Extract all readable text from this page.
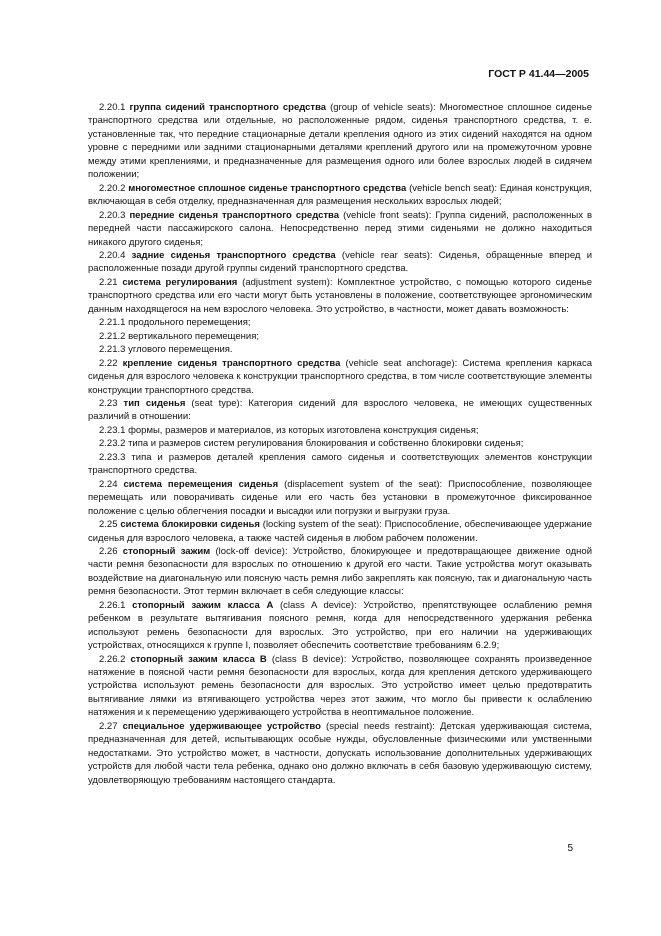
ГОСТ Р 41.44—2005

2.20.1 группа сидений транспортного средства (group of vehicle seats): Многоместное сплошное сиденье транспортного средства или отдельные, но расположенные рядом, сиденья транспортного средства, т. е. установленные так, что передние стационарные детали крепления одного из этих сидений находятся на одном уровне с передними или задними стационарными деталями креплений другого или на промежуточном уровне между этими креплениями, и предназначенные для размещения одного или более взрослых людей в сидячем положении;

2.20.2 многоместное сплошное сиденье транспортного средства (vehicle bench seat): Единая конструкция, включающая в себя отделку, предназначенная для размещения нескольких взрослых людей;

2.20.3 передние сиденья транспортного средства (vehicle front seats): Группа сидений, расположенных в передней части пассажирского салона. Непосредственно перед этими сиденьями не должно находиться никакого другого сиденья;

2.20.4 задние сиденья транспортного средства (vehicle rear seats): Сиденья, обращенные вперед и расположенные позади другой группы сидений транспортного средства.

2.21 система регулирования (adjustment system): Комплектное устройство, с помощью которого сиденье транспортного средства или его части могут быть установлены в положение, соответствующее эргономическим данным находящегося на нем взрослого человека. Это устройство, в частности, может давать возможность:

2.21.1 продольного перемещения;

2.21.2 вертикального перемещения;

2.21.3 углового перемещения.

2.22 крепление сиденья транспортного средства (vehicle seat anchorage): Система крепления каркаса сиденья для взрослого человека к конструкции транспортного средства, в том числе соответствующие элементы конструкции транспортного средства.

2.23 тип сиденья (seat type): Категория сидений для взрослого человека, не имеющих существенных различий в отношении:

2.23.1 формы, размеров и материалов, из которых изготовлена конструкция сиденья;

2.23.2 типа и размеров систем регулирования блокирования и собственно блокировки сиденья;

2.23.3 типа и размеров деталей крепления самого сиденья и соответствующих элементов конструкции транспортного средства.

2.24 система перемещения сиденья (displacement system of the seat): Приспособление, позволяющее перемещать или поворачивать сиденье или его часть без установки в промежуточное фиксированное положение с целью облегчения посадки и высадки или погрузки и выгрузки груза.

2.25 система блокировки сиденья (locking system of the seat): Приспособление, обеспечивающее удержание сиденья для взрослого человека, а также частей сиденья в любом рабочем положении.

2.26 стопорный зажим (lock-off device): Устройство, блокирующее и предотвращающее движение одной части ремня безопасности для взрослых по отношению к другой его части. Такие устройства могут оказывать воздействие на диагональную или поясную часть ремня либо закреплять как поясную, так и диагональную часть ремня безопасности. Этот термин включает в себя следующие классы:

2.26.1 стопорный зажим класса А (class A device): Устройство, препятствующее ослаблению ремня ребенком в результате вытягивания поясного ремня, когда для непосредственного удержания ребенка используют ремень безопасности для взрослых. Это устройство, при его наличии на удерживающих устройствах, относящихся к группе I, позволяет обеспечить соответствие требованиям 6.2.9;

2.26.2 стопорный зажим класса В (class B device): Устройство, позволяющее сохранять произведенное натяжение в поясной части ремня безопасности для взрослых, когда для крепления детского удерживающего устройства используют ремень безопасности для взрослых. Это устройство имеет целью предотвратить вытягивание лямки из втягивающего устройства через этот зажим, что могло бы привести к ослаблению натяжения и к перемещению удерживающего устройства в неоптимальное положение.

2.27 специальное удерживающее устройство (special needs restraint): Детская удерживающая система, предназначенная для детей, испытывающих особые нужды, обусловленные физическими или умственными недостатками. Это устройство может, в частности, допускать использование дополнительных удерживающих устройств для любой части тела ребенка, однако оно должно включать в себя базовую удерживающую систему, удовлетворяющую требованиям настоящего стандарта.

5
